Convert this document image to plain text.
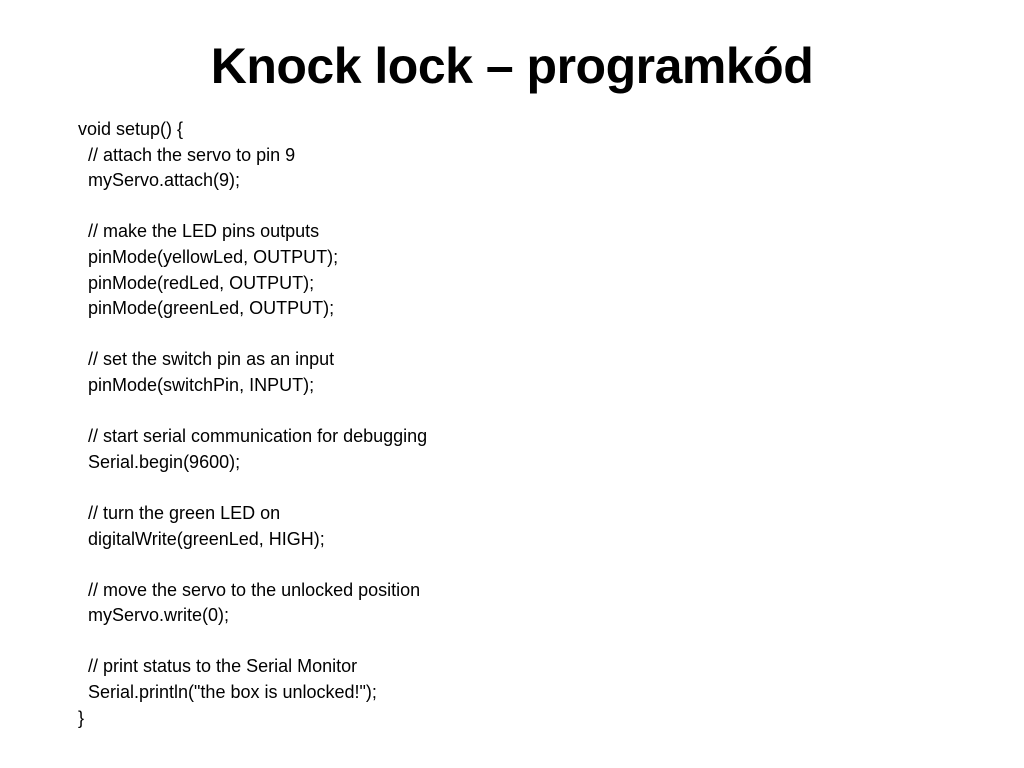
Knock lock – programkód
void setup() {
// attach the servo to pin 9
myServo.attach(9);
// make the LED pins outputs
pinMode(yellowLed, OUTPUT);
pinMode(redLed, OUTPUT);
pinMode(greenLed, OUTPUT);
// set the switch pin as an input
pinMode(switchPin, INPUT);
// start serial communication for debugging
Serial.begin(9600);
// turn the green LED on
digitalWrite(greenLed, HIGH);
// move the servo to the unlocked position
myServo.write(0);
// print status to the Serial Monitor
Serial.println("the box is unlocked!");
}
